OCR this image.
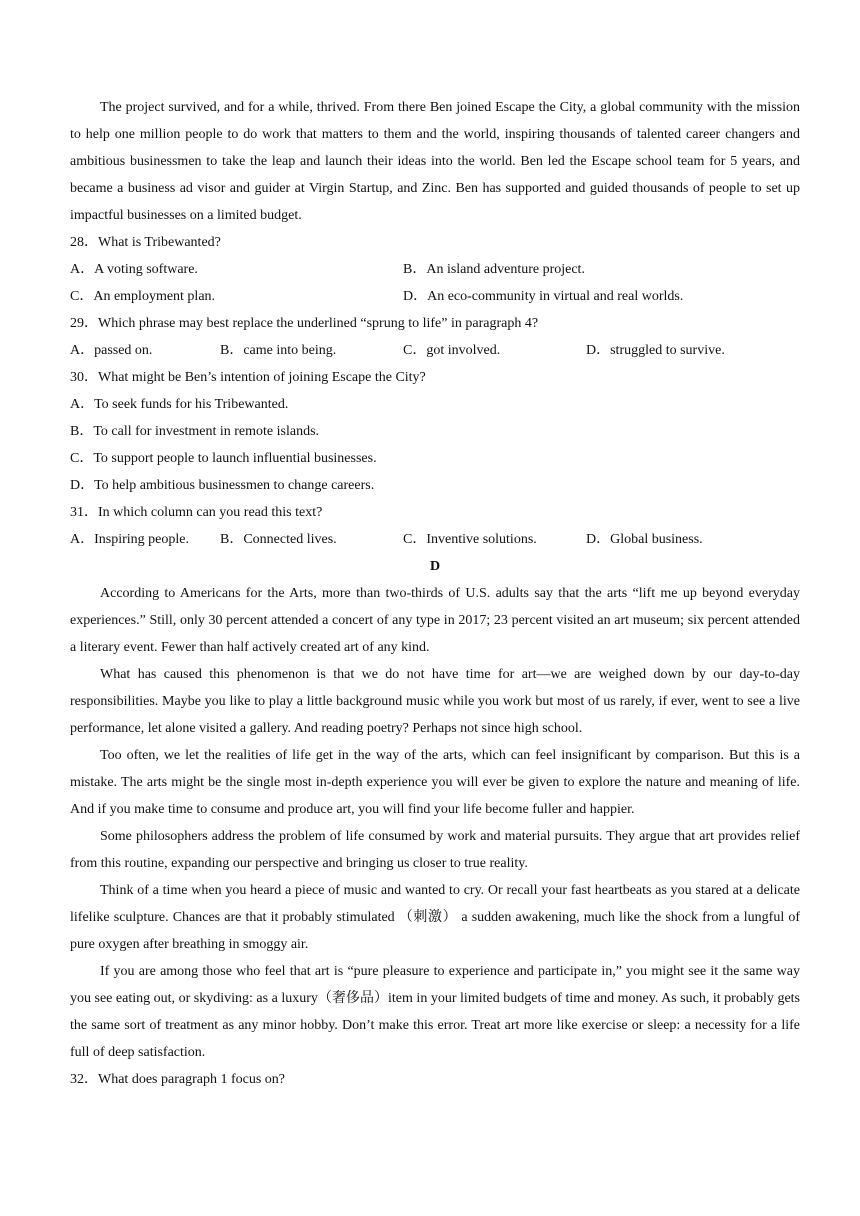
The project survived, and for a while, thrived. From there Ben joined Escape the City, a global community with the mission to help one million people to do work that matters to them and the world, inspiring thousands of talented career changers and ambitious businessmen to take the leap and launch their ideas into the world. Ben led the Escape school team for 5 years, and became a business ad visor and guider at Virgin Startup, and Zinc. Ben has supported and guided thousands of people to set up impactful businesses on a limited budget.

28．What is Tribewanted?

A．A voting software.	B．An island adventure project.
C．An employment plan.	D．An eco-community in virtual and real worlds.

29．Which phrase may best replace the underlined “sprung to life” in paragraph 4?

A．passed on.	B．came into being.	C．got involved.	D．struggled to survive.

30．What might be Ben’s intention of joining Escape the City?

A．To seek funds for his Tribewanted.

B．To call for investment in remote islands.

C．To support people to launch influential businesses.

D．To help ambitious businessmen to change careers.

31．In which column can you read this text?

A．Inspiring people.	B．Connected lives.	C．Inventive solutions.	D．Global business.

D

According to Americans for the Arts, more than two-thirds of U.S. adults say that the arts “lift me up beyond everyday experiences.” Still, only 30 percent attended a concert of any type in 2017; 23 percent visited an art museum; six percent attended a literary event. Fewer than half actively created art of any kind.

What has caused this phenomenon is that we do not have time for art—we are weighed down by our day-to-day responsibilities. Maybe you like to play a little background music while you work but most of us rarely, if ever, went to see a live performance, let alone visited a gallery. And reading poetry? Perhaps not since high school.

Too often, we let the realities of life get in the way of the arts, which can feel insignificant by comparison. But this is a mistake. The arts might be the single most in-depth experience you will ever be given to explore the nature and meaning of life. And if you make time to consume and produce art, you will find your life become fuller and happier.

Some philosophers address the problem of life consumed by work and material pursuits. They argue that art provides relief from this routine, expanding our perspective and bringing us closer to true reality.

Think of a time when you heard a piece of music and wanted to cry. Or recall your fast heartbeats as you stared at a delicate lifelike sculpture. Chances are that it probably stimulated （刺激） a sudden awakening, much like the shock from a lungful of pure oxygen after breathing in smoggy air.

If you are among those who feel that art is “pure pleasure to experience and participate in,” you might see it the same way you see eating out, or skydiving: as a luxury（奢侈品）item in your limited budgets of time and money. As such, it probably gets the same sort of treatment as any minor hobby. Don’t make this error. Treat art more like exercise or sleep: a necessity for a life full of deep satisfaction.

32．What does paragraph 1 focus on?
